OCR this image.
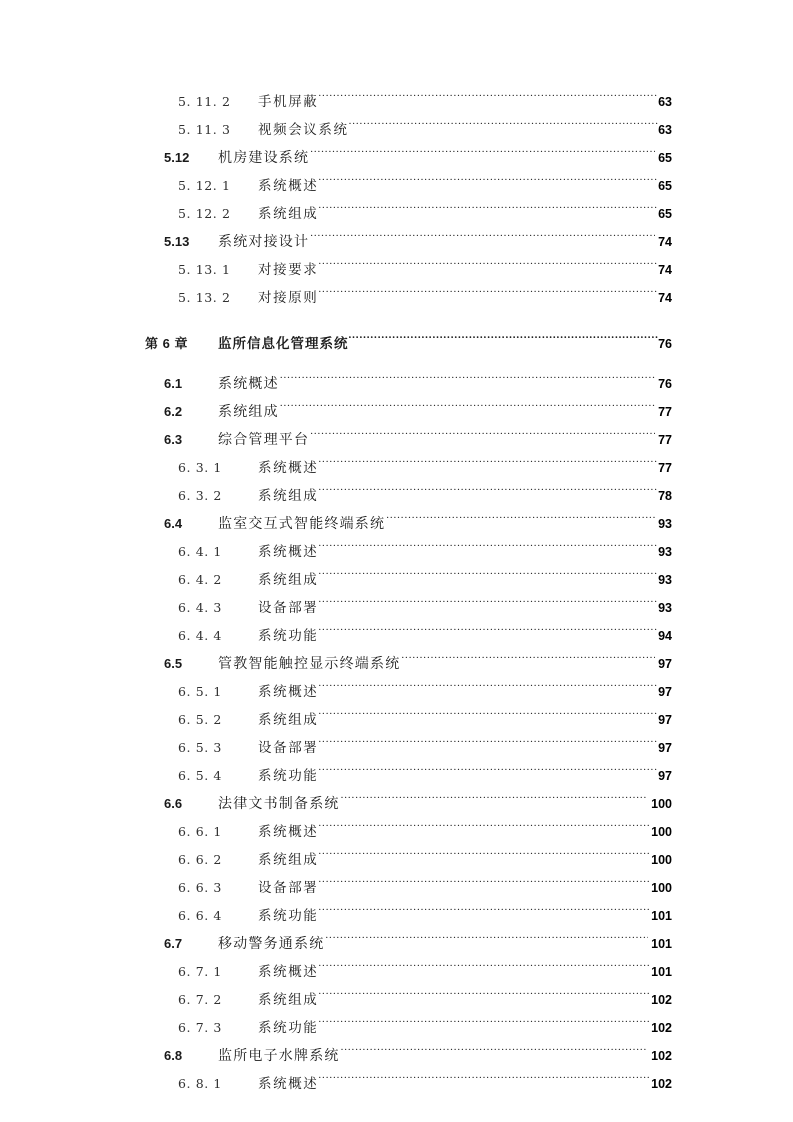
5. 11. 2	手机屏蔽 .....	63
5. 11. 3	视频会议系统 .....	63
5.12	机房建设系统 .....	65
5. 12. 1	系统概述 .....	65
5. 12. 2	系统组成 .....	65
5.13	系统对接设计 .....	74
5. 13. 1	对接要求 .....	74
5. 13. 2	对接原则 .....	74
第 6 章	监所信息化管理系统 .....	76
6.1	系统概述 .....	76
6.2	系统组成 .....	77
6.3	综合管理平台 .....	77
6. 3. 1	系统概述 .....	77
6. 3. 2	系统组成 .....	78
6.4	监室交互式智能终端系统 .....	93
6. 4. 1	系统概述 .....	93
6. 4. 2	系统组成 .....	93
6. 4. 3	设备部署 .....	93
6. 4. 4	系统功能 .....	94
6.5	管教智能触控显示终端系统 .....	97
6. 5. 1	系统概述 .....	97
6. 5. 2	系统组成 .....	97
6. 5. 3	设备部署 .....	97
6. 5. 4	系统功能 .....	97
6.6	法律文书制备系统 .....	100
6. 6. 1	系统概述 .....	100
6. 6. 2	系统组成 .....	100
6. 6. 3	设备部署 .....	100
6. 6. 4	系统功能 .....	101
6.7	移动警务通系统 .....	101
6. 7. 1	系统概述 .....	101
6. 7. 2	系统组成 .....	102
6. 7. 3	系统功能 .....	102
6.8	监所电子水牌系统 .....	102
6. 8. 1	系统概述 .....	102
